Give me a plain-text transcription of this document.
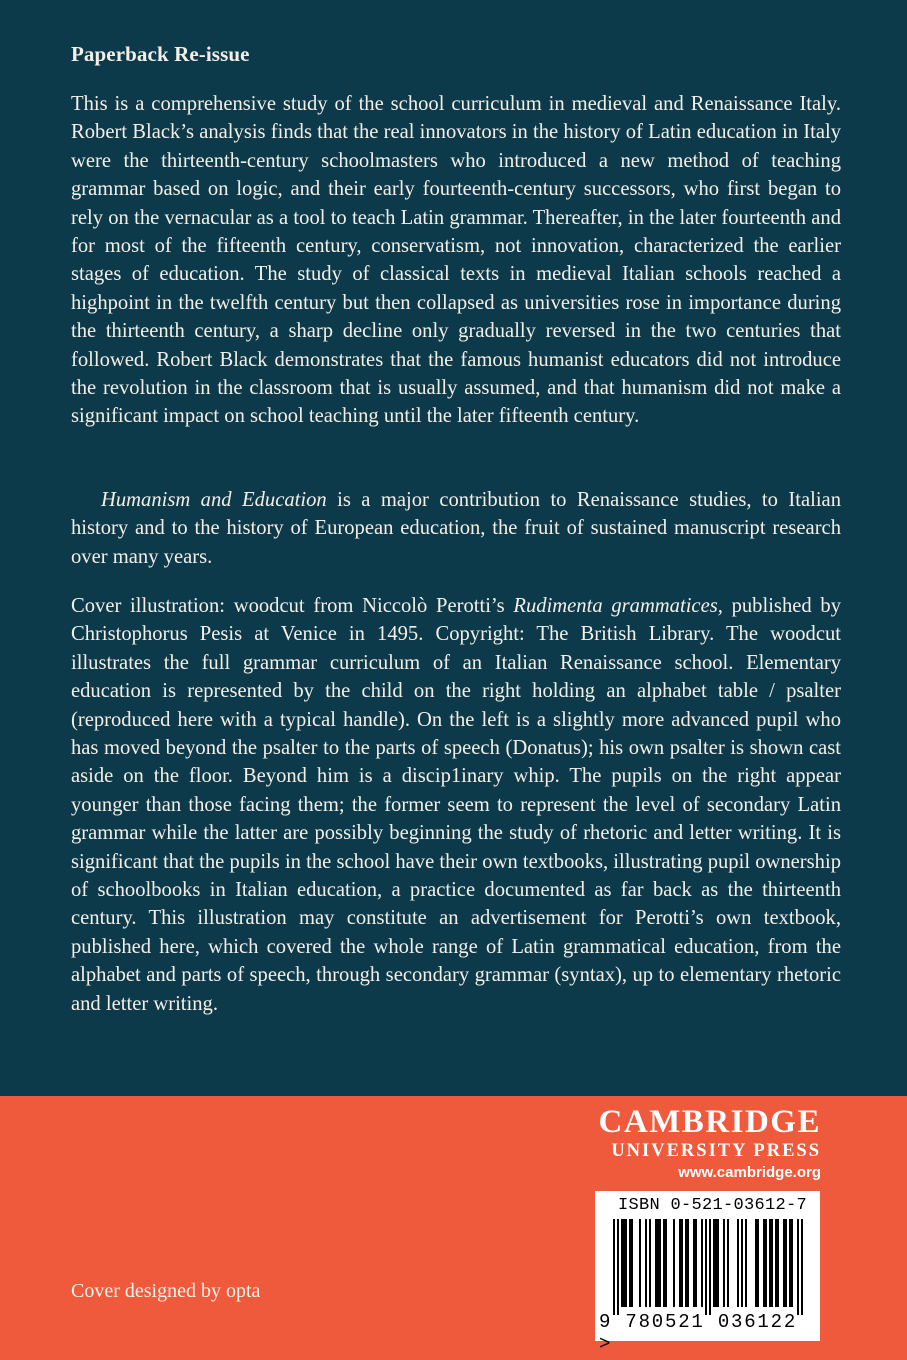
Paperback Re-issue

This is a comprehensive study of the school curriculum in medieval and Renaissance Italy. Robert Black’s analysis finds that the real innovators in the history of Latin education in Italy were the thirteenth-century schoolmasters who introduced a new method of teaching grammar based on logic, and their early fourteenth-century successors, who first began to rely on the vernacular as a tool to teach Latin grammar. Thereafter, in the later fourteenth and for most of the fifteenth century, conservatism, not innovation, characterized the earlier stages of education. The study of classical texts in medieval Italian schools reached a highpoint in the twelfth century but then collapsed as universities rose in importance during the thirteenth century, a sharp decline only gradually reversed in the two centuries that followed. Robert Black demonstrates that the famous humanist educators did not introduce the revolution in the classroom that is usually assumed, and that humanism did not make a significant impact on school teaching until the later fifteenth century.

Humanism and Education is a major contribution to Renaissance studies, to Italian history and to the history of European education, the fruit of sustained manuscript research over many years.

Cover illustration: woodcut from Niccolò Perotti’s Rudimenta grammatices, published by Christophorus Pesis at Venice in 1495. Copyright: The British Library. The woodcut illustrates the full grammar curriculum of an Italian Renaissance school. Elementary education is represented by the child on the right holding an alphabet table / psalter (reproduced here with a typical handle). On the left is a slightly more advanced pupil who has moved beyond the psalter to the parts of speech (Donatus); his own psalter is shown cast aside on the floor. Beyond him is a discip1inary whip. The pupils on the right appear younger than those facing them; the former seem to represent the level of secondary Latin grammar while the latter are possibly beginning the study of rhetoric and letter writing. It is significant that the pupils in the school have their own textbooks, illustrating pupil ownership of schoolbooks in Italian education, a practice documented as far back as the thirteenth century. This illustration may constitute an advertisement for Perotti’s own textbook, published here, which covered the whole range of Latin grammatical education, from the alphabet and parts of speech, through secondary grammar (syntax), up to elementary rhetoric and letter writing.

CAMBRIDGE
UNIVERSITY PRESS
www.cambridge.org
Cover designed by opta
ISBN 0-521-03612-7
9 780521 036122 >
